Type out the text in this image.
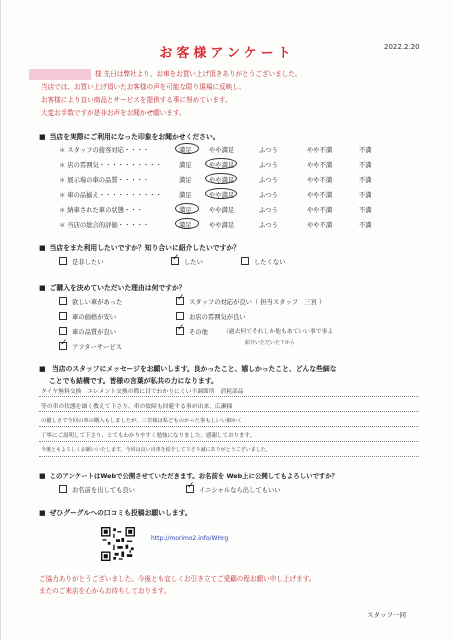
お客様アンケート	2022.2.20
様 先日は弊社より、お車をお買い上げ頂きありがとうございました。
当店では、お買い上げ頂いたお客様の声を可能な限り現場に反映し、
お客様により良い商品とサービスを提供する事に努めています。
大変お手数ですが是非お声をお聞かせ願います。
■ 当店を実際にご利用になった印象をお聞かせください。
＊ スタッフの接客対応・・・・	満足	やや満足	ふつう	やや不満	不満
＊ 店の雰囲気・・・・・・・・・・	満足	やや満足	ふつう	やや不満	不満
＊ 展示場の車の品質・・・・・	満足	やや満足	ふつう	やや不満	不満
＊ 車の品揃え・・・・・・・・・・	満足	やや満足	ふつう	やや不満	不満
＊ 納車された車の状態・・・	満足	やや満足	ふつう	やや不満	不満
＊ 当店の総合的評価・・・・・	満足	やや満足	ふつう	やや不満	不満
■ 当店をまた利用したいですか？知り合いに紹介したいですか？
是非したい ✓	したい	したくない
■ ご購入を決めていただいた理由は何ですか？
欲しい車があった
車の価格が安い
車の品質が良い
✓アフターサービス
✓スタッフの対応が良い（ 担当スタッフ　三宮 ）
お店の雰囲気が良い
✓その他	（過去何でそれしか他もあていい事で事よ
紹介いただいた下から
■ 当店のスタッフにメッセージをお願いします。良かったこと、嬉しかったこと、どんな些細な
ことでも結構です。皆様の言葉が私共の力になります。
タイヤ無料交換　エレメント交換の際に目でわかりにくい不調箇所　消耗部品
等の車の状態を細く教えて下さり、車の故障も回避する事が出来、広瀬様
の優しさで今回の車の購入もしましたが、三宮様は私どものかった事もしいい細かく
丁寧にご説明して下さり、とてもわかりやすく勉強になりました。感謝しております。
今後ともよろしくお願いいたします。今回は良い出車を紹介して下さり誠にありがとうございました。
■ このアンケートはWebで公開させていただきます。お名前を Web上に公開してもよろしいですか？
お名前を出しても良い ✓	イニシャルなら出してもいい
■ ぜひグーグルへの口コミも投稿お願いします。
http://morimo2.info/WHrg
ご協力ありがとうございました。今後とも宜しくお引き立てご愛顧の程お願い申し上げます。
またのご来店を心からお待ちしております。
スタッフ一同
